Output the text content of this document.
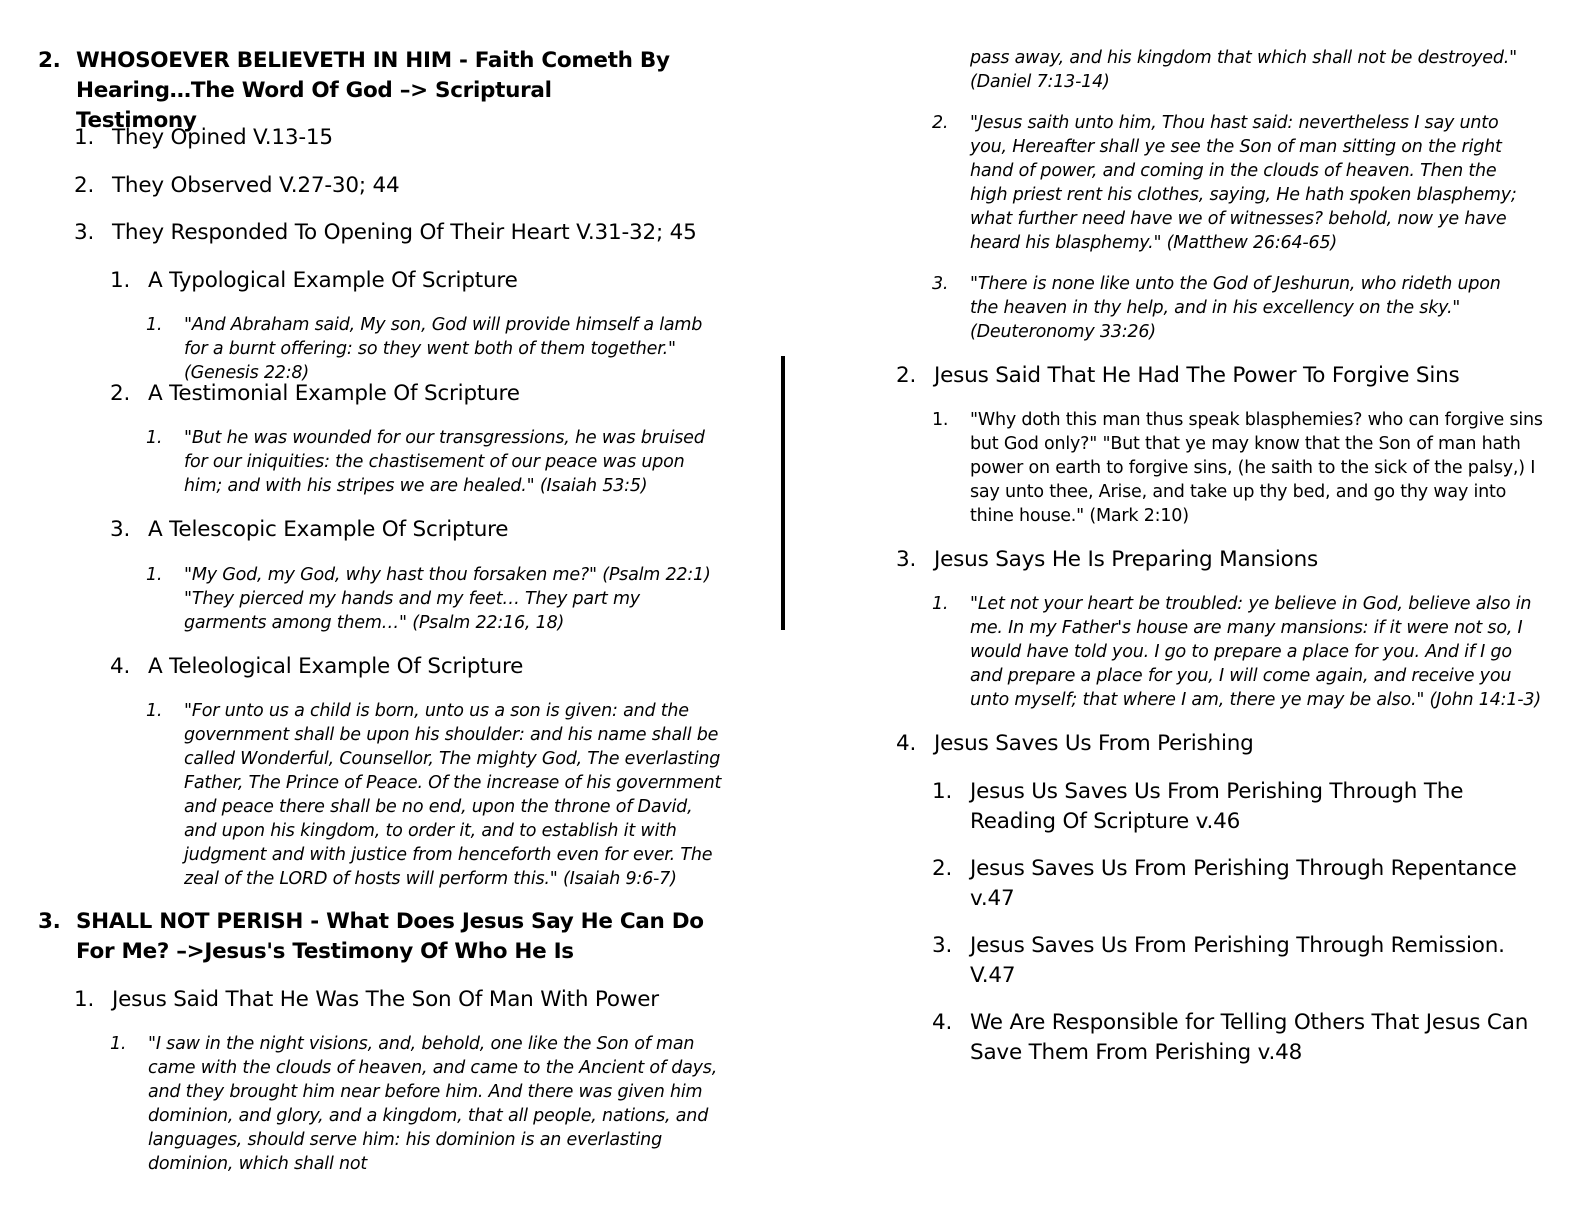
2. WHOSOEVER BELIEVETH IN HIM - Faith Cometh By Hearing…The Word Of God –> Scriptural Testimony
1. They Opined V.13-15
2. They Observed V.27-30; 44
3. They Responded To Opening Of Their Heart V.31-32; 45
1. A Typological Example Of Scripture
1.	"And Abraham said, My son, God will provide himself a lamb for a burnt offering: so they went both of them together." (Genesis 22:8)
2. A Testimonial Example Of Scripture
1.	"But he was wounded for our transgressions, he was bruised for our iniquities: the chastisement of our peace was upon him; and with his stripes we are healed." (Isaiah 53:5)
3. A Telescopic Example Of Scripture
1.	"My God, my God, why hast thou forsaken me?" (Psalm 22:1) "They pierced my hands and my feet… They part my garments among them…" (Psalm 22:16, 18)
4. A Teleological Example Of Scripture
1.	"For unto us a child is born, unto us a son is given: and the government shall be upon his shoulder: and his name shall be called Wonderful, Counsellor, The mighty God, The everlasting Father, The Prince of Peace. Of the increase of his government and peace there shall be no end, upon the throne of David, and upon his kingdom, to order it, and to establish it with judgment and with justice from henceforth even for ever. The zeal of the LORD of hosts will perform this." (Isaiah 9:6-7)
3. SHALL NOT PERISH - What Does Jesus Say He Can Do For Me? –>Jesus's Testimony Of Who He Is
1. Jesus Said That He Was The Son Of Man With Power
1.	"I saw in the night visions, and, behold, one like the Son of man came with the clouds of heaven, and came to the Ancient of days, and they brought him near before him. And there was given him dominion, and glory, and a kingdom, that all people, nations, and languages, should serve him: his dominion is an everlasting dominion, which shall not
pass away, and his kingdom that which shall not be destroyed." (Daniel 7:13-14)
2.	"Jesus saith unto him, Thou hast said: nevertheless I say unto you, Hereafter shall ye see the Son of man sitting on the right hand of power, and coming in the clouds of heaven. Then the high priest rent his clothes, saying, He hath spoken blasphemy; what further need have we of witnesses? behold, now ye have heard his blasphemy." (Matthew 26:64-65)
3.	"There is none like unto the God of Jeshurun, who rideth upon the heaven in thy help, and in his excellency on the sky." (Deuteronomy 33:26)
2. Jesus Said That He Had The Power To Forgive Sins
1.	"Why doth this man thus speak blasphemies? who can forgive sins but God only?" "But that ye may know that the Son of man hath power on earth to forgive sins, (he saith to the sick of the palsy,) I say unto thee, Arise, and take up thy bed, and go thy way into thine house." (Mark 2:10)
3. Jesus Says He Is Preparing Mansions
1.	"Let not your heart be troubled: ye believe in God, believe also in me. In my Father's house are many mansions: if it were not so, I would have told you. I go to prepare a place for you. And if I go and prepare a place for you, I will come again, and receive you unto myself; that where I am, there ye may be also." (John 14:1-3)
4. Jesus Saves Us From Perishing
1. Jesus Us Saves Us From Perishing Through The Reading Of Scripture v.46
2. Jesus Saves Us From Perishing Through Repentance v.47
3. Jesus Saves Us From Perishing Through Remission. V.47
4. We Are Responsible for Telling Others That Jesus Can Save Them From Perishing v.48
